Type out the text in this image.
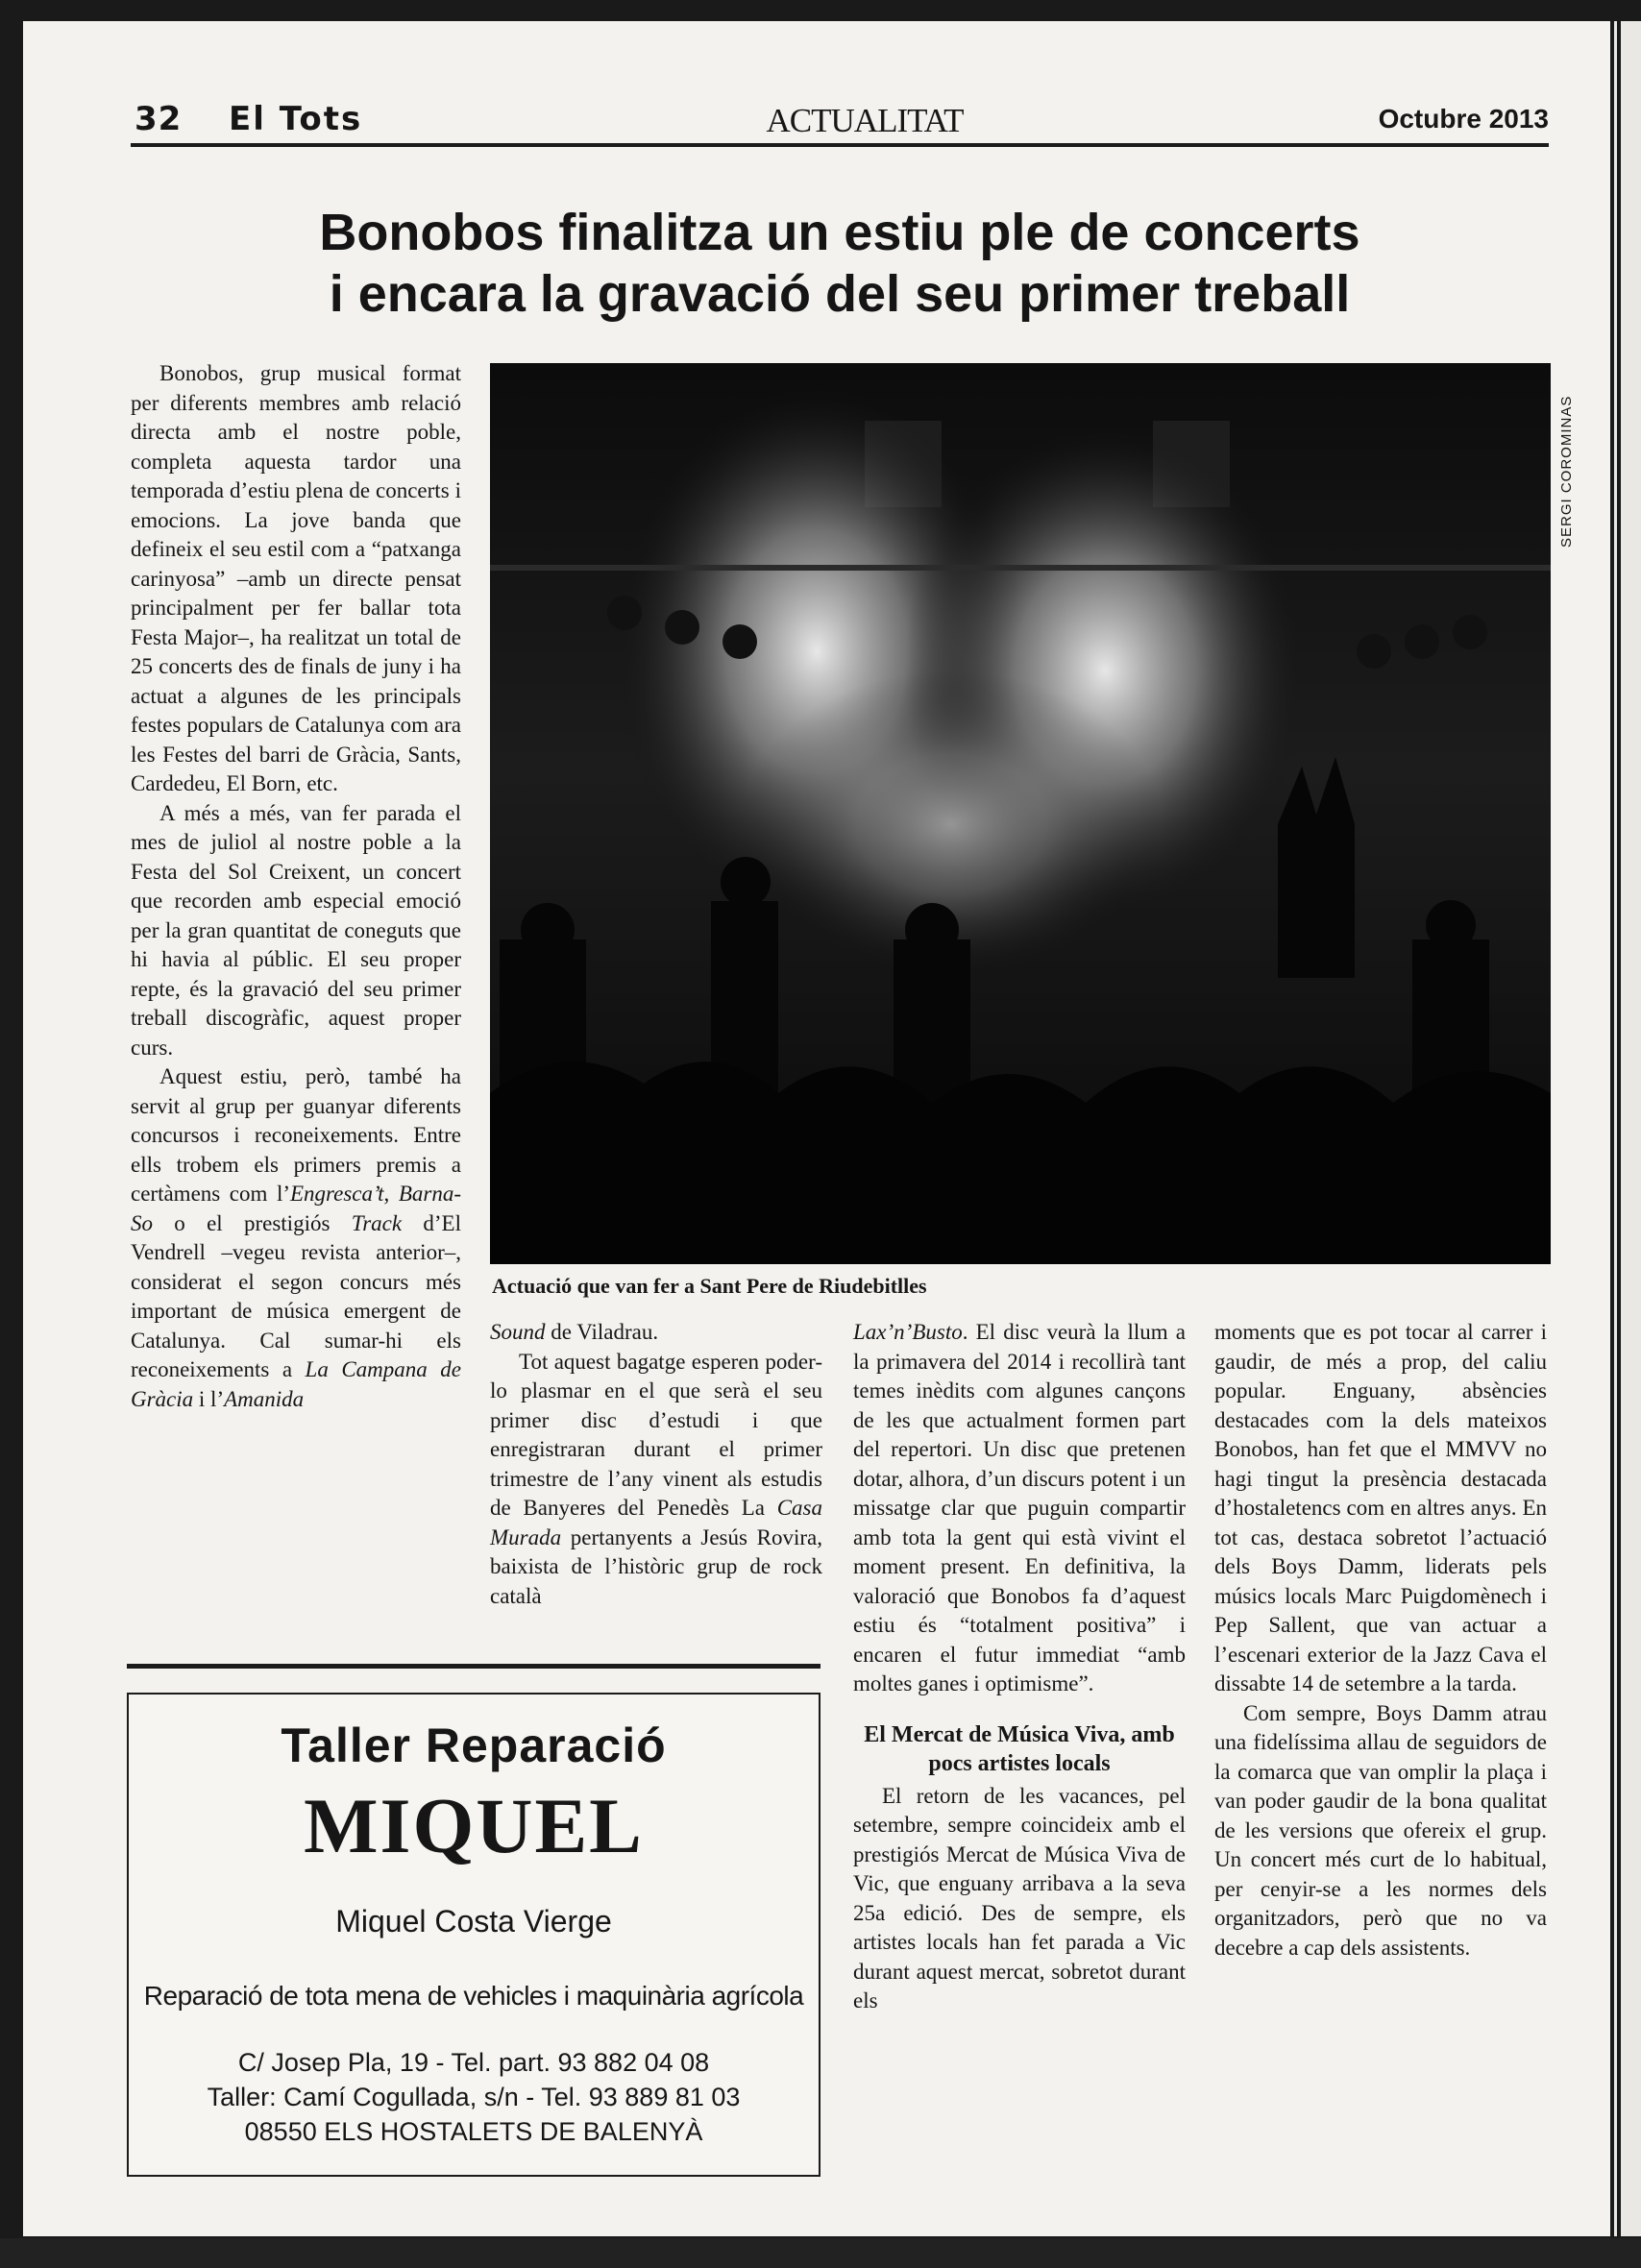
32 El Tots	ACTUALITAT	Octubre 2013
Bonobos finalitza un estiu ple de concerts
i encara la gravació del seu primer treball

Bonobos, grup musical format per diferents membres amb relació directa amb el nostre poble, completa aquesta tardor una temporada d’estiu plena de concerts i emocions. La jove banda que defineix el seu estil com a “patxanga carinyosa” –amb un directe pensat principalment per fer ballar tota Festa Major–, ha realitzat un total de 25 concerts des de finals de juny i ha actuat a algunes de les principals festes populars de Catalunya com ara les Festes del barri de Gràcia, Sants, Cardedeu, El Born, etc.

A més a més, van fer parada el mes de juliol al nostre poble a la Festa del Sol Creixent, un concert que recorden amb especial emoció per la gran quantitat de coneguts que hi havia al públic. El seu proper repte, és la gravació del seu primer treball discogràfic, aquest proper curs.

Aquest estiu, però, també ha servit al grup per guanyar diferents concursos i reconeixements. Entre ells trobem els primers premis a certàmens com l’Engresca’t, Barna-So o el prestigiós Track d’El Vendrell –vegeu revista anterior–, considerat el segon concurs més important de música emergent de Catalunya. Cal sumar-hi els reconeixements a La Campana de Gràcia i l’Amanida

SERGI COROMINAS
Actuació que van fer a Sant Pere de Riudebitlles

Sound de Viladrau.

Tot aquest bagatge esperen poder-lo plasmar en el que serà el seu primer disc d’estudi i que enregistraran durant el primer trimestre de l’any vinent als estudis de Banyeres del Penedès La Casa Murada pertanyents a Jesús Rovira, baixista de l’històric grup de rock català

Lax’n’Busto. El disc veurà la llum a la primavera del 2014 i recollirà tant temes inèdits com algunes cançons de les que actualment formen part del repertori. Un disc que pretenen dotar, alhora, d’un discurs potent i un missatge clar que puguin compartir amb tota la gent qui està vivint el moment present. En definitiva, la valoració que Bonobos fa d’aquest estiu és “totalment positiva” i encaren el futur immediat “amb moltes ganes i optimisme”.

El Mercat de Música Viva, amb pocs artistes locals

El retorn de les vacances, pel setembre, sempre coincideix amb el prestigiós Mercat de Música Viva de Vic, que enguany arribava a la seva 25a edició. Des de sempre, els artistes locals han fet parada a Vic durant aquest mercat, sobretot durant els

moments que es pot tocar al carrer i gaudir, de més a prop, del caliu popular. Enguany, absències destacades com la dels mateixos Bonobos, han fet que el MMVV no hagi tingut la presència destacada d’hostaletencs com en altres anys. En tot cas, destaca sobretot l’actuació dels Boys Damm, liderats pels músics locals Marc Puigdomènech i Pep Sallent, que van actuar a l’escenari exterior de la Jazz Cava el dissabte 14 de setembre a la tarda.

Com sempre, Boys Damm atrau una fidelíssima allau de seguidors de la comarca que van omplir la plaça i van poder gaudir de la bona qualitat de les versions que ofereix el grup. Un concert més curt de lo habitual, per cenyir-se a les normes dels organitzadors, però que no va decebre a cap dels assistents.

Taller Reparació
MIQUEL
Miquel Costa Vierge
Reparació de tota mena de vehicles i maquinària agrícola
C/ Josep Pla, 19 - Tel. part. 93 882 04 08
Taller: Camí Cogullada, s/n - Tel. 93 889 81 03
08550 ELS HOSTALETS DE BALENYÀ
